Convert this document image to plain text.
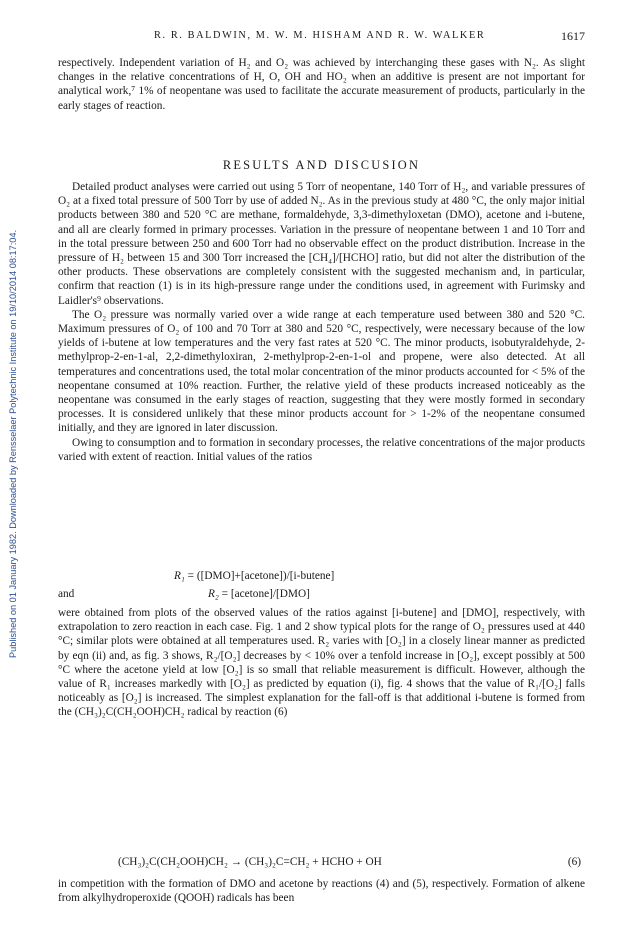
Published on 01 January 1982. Downloaded by Rensselaer Polytechnic Institute on 19/10/2014 08:17:04.
R. R. BALDWIN, M. W. M. HISHAM AND R. W. WALKER	1617

respectively. Independent variation of H₂ and O₂ was achieved by interchanging these gases with N₂. As slight changes in the relative concentrations of H, O, OH and HO₂ when an additive is present are not important for analytical work,⁷ 1% of neopentane was used to facilitate the accurate measurement of products, particularly in the early stages of reaction.

RESULTS AND DISCUSION

Detailed product analyses were carried out using 5 Torr of neopentane, 140 Torr of H₂, and variable pressures of O₂ at a fixed total pressure of 500 Torr by use of added N₂. As in the previous study at 480 °C, the only major initial products between 380 and 520 °C are methane, formaldehyde, 3,3-dimethyloxetan (DMO), acetone and i-butene, and all are clearly formed in primary processes. Variation in the pressure of neopentane between 1 and 10 Torr and in the total pressure between 250 and 600 Torr had no observable effect on the product distribution. Increase in the pressure of H₂ between 15 and 300 Torr increased the [CH₄]/[HCHO] ratio, but did not alter the distribution of the other products. These observations are completely consistent with the suggested mechanism and, in particular, confirm that reaction (1) is in its high-pressure range under the conditions used, in agreement with Furimsky and Laidler's⁹ observations.

The O₂ pressure was normally varied over a wide range at each temperature used between 380 and 520 °C. Maximum pressures of O₂ of 100 and 70 Torr at 380 and 520 °C, respectively, were necessary because of the low yields of i-butene at low temperatures and the very fast rates at 520 °C. The minor products, isobutyraldehyde, 2-methylprop-2-en-1-al, 2,2-dimethyloxiran, 2-methylprop-2-en-1-ol and propene, were also detected. At all temperatures and concentrations used, the total molar concentration of the minor products accounted for < 5% of the neopentane consumed at 10% reaction. Further, the relative yield of these products increased noticeably as the neopentane was consumed in the early stages of reaction, suggesting that they were mostly formed in secondary processes. It is considered unlikely that these minor products account for > 1-2% of the neopentane consumed initially, and they are ignored in later discussion.

Owing to consumption and to formation in secondary processes, the relative concentrations of the major products varied with extent of reaction. Initial values of the ratios

R₁ = ([DMO]+[acetone])/[i-butene]
and	R₂ = [acetone]/[DMO]

were obtained from plots of the observed values of the ratios against [i-butene] and [DMO], respectively, with extrapolation to zero reaction in each case. Fig. 1 and 2 show typical plots for the range of O₂ pressures used at 440 °C; similar plots were obtained at all temperatures used. R₂ varies with [O₂] in a closely linear manner as predicted by eqn (ii) and, as fig. 3 shows, R₂/[O₂] decreases by < 10% over a tenfold increase in [O₂], except possibly at 500 °C where the acetone yield at low [O₂] is so small that reliable measurement is difficult. However, although the value of R₁ increases markedly with [O₂] as predicted by equation (i), fig. 4 shows that the value of R₁/[O₂] falls noticeably as [O₂] is increased. The simplest explanation for the fall-off is that additional i-butene is formed from the (CH₃)₂C(CH₂OOH)CH₂ radical by reaction (6)

(CH₃)₂C(CH₂OOH)CH₂ → (CH₃)₂C=CH₂ + HCHO + OH	(6)

in competition with the formation of DMO and acetone by reactions (4) and (5), respectively. Formation of alkene from alkylhydroperoxide (QOOH) radicals has been
